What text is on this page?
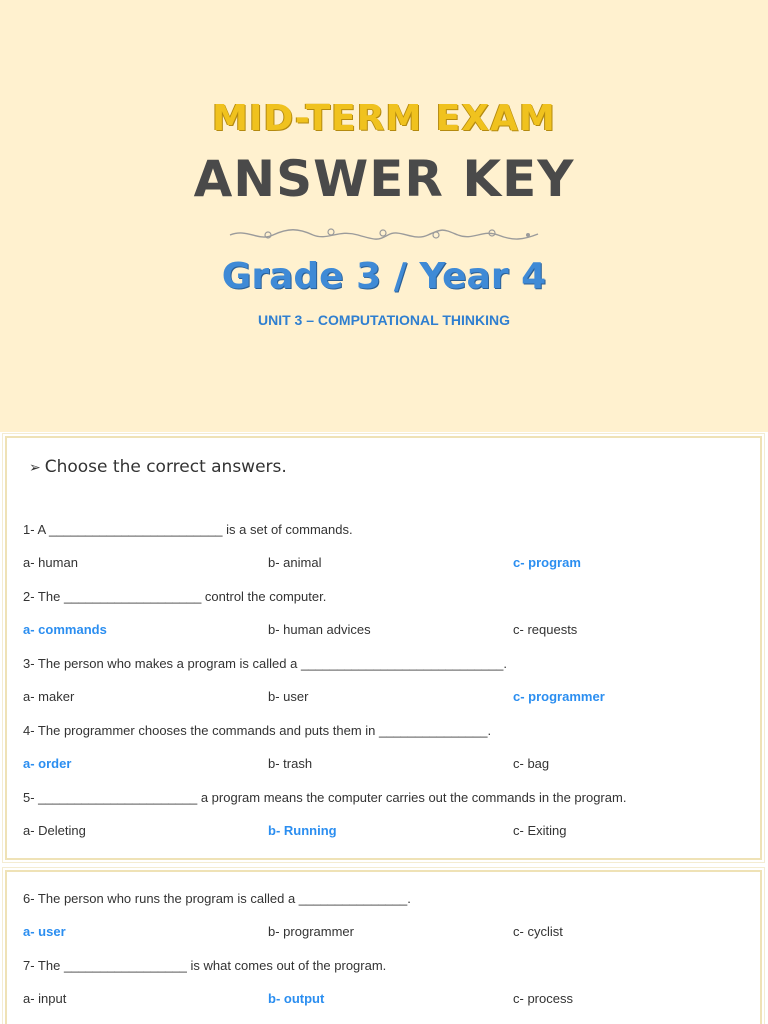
MID-TERM EXAM
ANSWER KEY
Grade 3 / Year 4
UNIT 3 – COMPUTATIONAL THINKING
➢ Choose the correct answers.
1- A ________________________ is a set of commands.
a- human	b- animal	c- program
2- The ___________________ control the computer.
a- commands	b- human advices	c- requests
3- The person who makes a program is called a ____________________________.
a- maker	b- user	c- programmer
4- The programmer chooses the commands and puts them in _______________.
a- order	b- trash	c- bag
5- ______________________ a program means the computer carries out the commands in the program.
a- Deleting	b- Running	c- Exiting
6- The person who runs the program is called a _______________.
a- user	b- programmer	c- cyclist
7- The _________________ is what comes out of the program.
a- input	b- output	c- process
